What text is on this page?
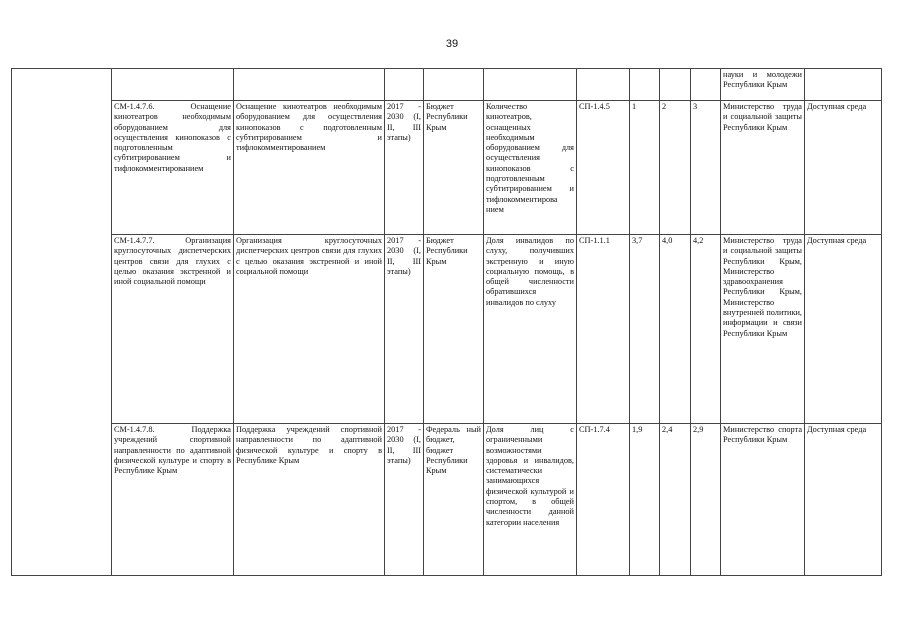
39
										науки и молодежи Республики Крым	
	СМ-1.4.7.6. Оснащение кинотеатров необходимым оборудованием для осуществления кинопоказов с подготовленным субтитрированием и тифлокомментированием	Оснащение кинотеатров необходимым оборудованием для осуществления кинопоказов с подготовленным субтитрированием и тифлокомментированием	2017 - 2030 (I, II, III этапы)	Бюджет Республики Крым	Количество кинотеатров, оснащенных необходимым оборудованием для осуществления кинопоказов с подготовленным субтитрированием и тифлокомментирова нием	СП-1.4.5	1	2	3	Министерство труда и социальной защиты Республики Крым	Доступная среда
	СМ-1.4.7.7. Организация круглосуточных диспетчерских центров связи для глухих с целью оказания экстренной и иной социальной помощи	Организация круглосуточных диспетчерских центров связи для глухих с целью оказания экстренной и иной социальной помощи	2017 - 2030 (I, II, III этапы)	Бюджет Республики Крым	Доля инвалидов по слуху, получивших экстренную и иную социальную помощь, в общей численности обратившихся инвалидов по слуху	СП-1.1.1	3,7	4,0	4,2	Министерство труда и социальной защиты Республики Крым, Министерство здравоохранения Республики Крым, Министерство внутренней политики, информации и связи Республики Крым	Доступная среда
	СМ-1.4.7.8. Поддержка учреждений спортивной направленности по адаптивной физической культуре и спорту в Республике Крым	Поддержка учреждений спортивной направленности по адаптивной физической культуре и спорту в Республике Крым	2017 - 2030 (I, II, III этапы)	Федераль ный бюджет, бюджет Республики Крым	Доля лиц с ограниченными возможностями здоровья и инвалидов, систематически занимающихся физической культурой и спортом, в общей численности данной категории населения	СП-1.7.4	1,9	2,4	2,9	Министерство спорта Республики Крым	Доступная среда
